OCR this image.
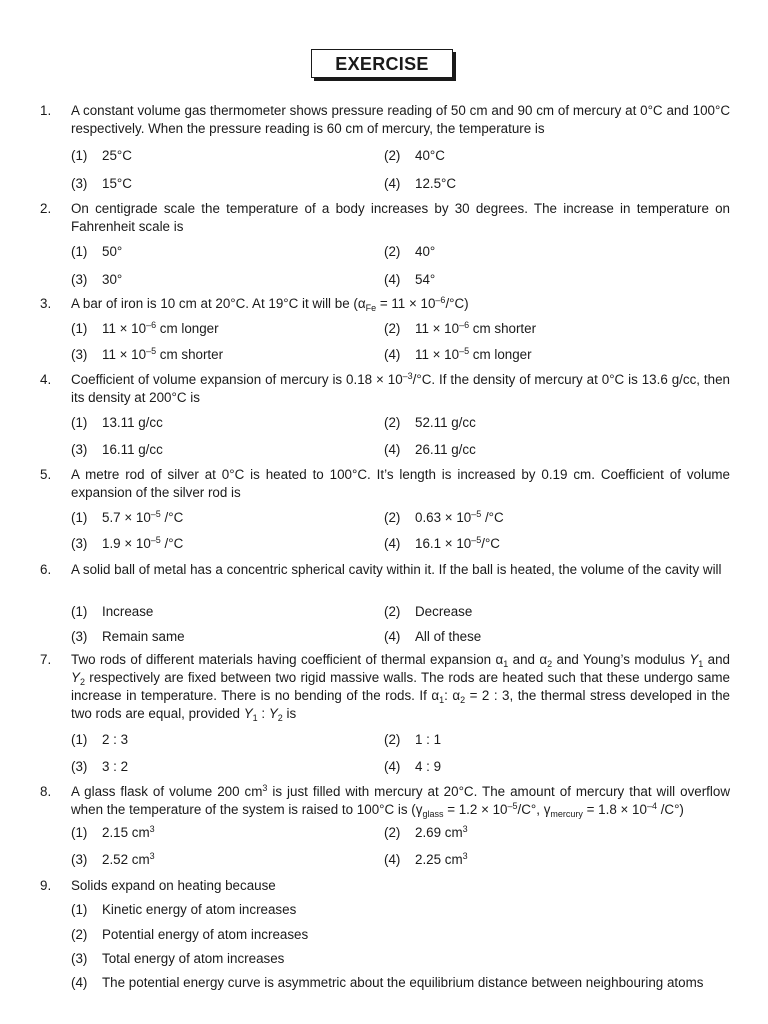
EXERCISE
1.	A constant volume gas thermometer shows pressure reading of 50 cm and 90 cm of mercury at 0°C and 100°C respectively. When the pressure reading is 60 cm of mercury, the temperature is
(1) 25°C	(2) 40°C
(3) 15°C	(4) 12.5°C
2.	On centigrade scale the temperature of a body increases by 30 degrees. The increase in temperature on Fahrenheit scale is
(1) 50°	(2) 40°
(3) 30°	(4) 54°
3.	A bar of iron is 10 cm at 20°C. At 19°C it will be $(\alpha_{Fe} = 11 \times 10^{-6}/^\circ C)$
(1) $11 \times 10^{-6}$ cm longer	(2) $11 \times 10^{-6}$ cm shorter
(3) $11 \times 10^{-5}$ cm shorter	(4) $11 \times 10^{-5}$ cm longer
4.	Coefficient of volume expansion of mercury is $0.18 \times 10^{-3}/^\circ C$. If the density of mercury at 0°C is 13.6 g/cc, then its density at 200°C is
(1) 13.11 g/cc	(2) 52.11 g/cc
(3) 16.11 g/cc	(4) 26.11 g/cc
5.	A metre rod of silver at 0°C is heated to 100°C. It’s length is increased by 0.19 cm. Coefficient of volume expansion of the silver rod is
(1) $5.7 \times 10^{-5}$ /°C	(2) $0.63 \times 10^{-5}$ /°C
(3) $1.9 \times 10^{-5}$ /°C	(4) $16.1 \times 10^{-5}/^\circ C$
6.	A solid ball of metal has a concentric spherical cavity within it. If the ball is heated, the volume of the cavity will
(1) Increase	(2) Decrease
(3) Remain same	(4) All of these
7.	Two rods of different materials having coefficient of thermal expansion $\alpha_1$ and $\alpha_2$ and Young’s modulus $Y_1$ and $Y_2$ respectively are fixed between two rigid massive walls. The rods are heated such that these undergo same increase in temperature. There is no bending of the rods. If $\alpha_1$: $\alpha_2 = 2$ : 3, the thermal stress developed in the two rods are equal, provided $Y_1$ : $Y_2$ is
(1) 2 : 3	(2) 1 : 1
(3) 3 : 2	(4) 4 : 9
8.	A glass flask of volume 200 $cm^3$ is just filled with mercury at 20°C. The amount of mercury that will overflow when the temperature of the system is raised to 100°C is ($\gamma_{glass} = 1.2 \times 10^{-5}/C^\circ$, $\gamma_{mercury} = 1.8 \times 10^{-4}$ /C°)
(1) 2.15 $cm^3$	(2) 2.69 $cm^3$
(3) 2.52 $cm^3$	(4) 2.25 $cm^3$
9.	Solids expand on heating because
(1) Kinetic energy of atom increases
(2) Potential energy of atom increases
(3) Total energy of atom increases
(4) The potential energy curve is asymmetric about the equilibrium distance between neighbouring atoms
